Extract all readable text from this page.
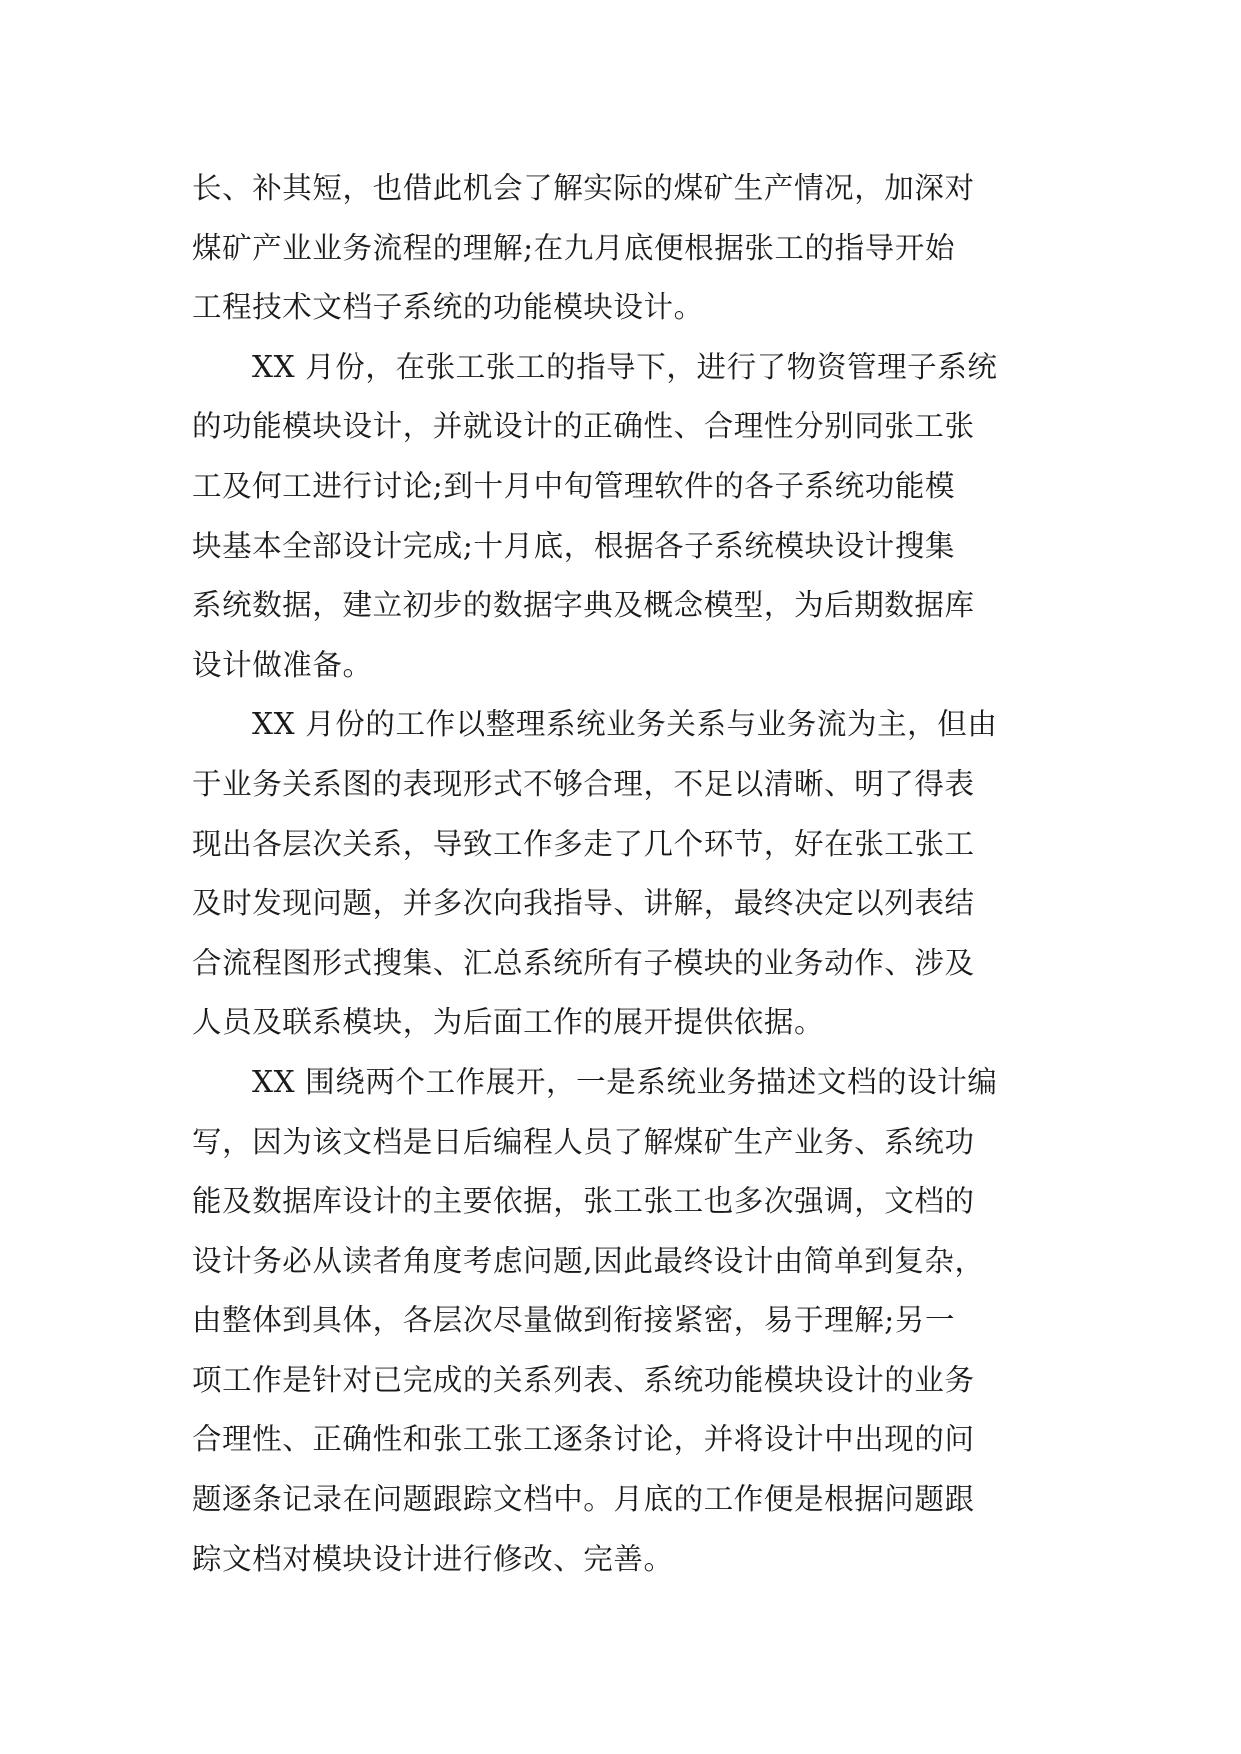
长、补其短，也借此机会了解实际的煤矿生产情况，加深对
煤矿产业业务流程的理解;在九月底便根据张工的指导开始
工程技术文档子系统的功能模块设计。
XX 月份，在张工张工的指导下，进行了物资管理子系统
的功能模块设计，并就设计的正确性、合理性分别同张工张
工及何工进行讨论;到十月中旬管理软件的各子系统功能模
块基本全部设计完成;十月底，根据各子系统模块设计搜集
系统数据，建立初步的数据字典及概念模型，为后期数据库
设计做准备。
XX 月份的工作以整理系统业务关系与业务流为主，但由
于业务关系图的表现形式不够合理，不足以清晰、明了得表
现出各层次关系，导致工作多走了几个环节，好在张工张工
及时发现问题，并多次向我指导、讲解，最终决定以列表结
合流程图形式搜集、汇总系统所有子模块的业务动作、涉及
人员及联系模块，为后面工作的展开提供依据。
XX 围绕两个工作展开，一是系统业务描述文档的设计编
写，因为该文档是日后编程人员了解煤矿生产业务、系统功
能及数据库设计的主要依据，张工张工也多次强调，文档的
设计务必从读者角度考虑问题,因此最终设计由简单到复杂，
由整体到具体，各层次尽量做到衔接紧密，易于理解;另一
项工作是针对已完成的关系列表、系统功能模块设计的业务
合理性、正确性和张工张工逐条讨论，并将设计中出现的问
题逐条记录在问题跟踪文档中。月底的工作便是根据问题跟
踪文档对模块设计进行修改、完善。
